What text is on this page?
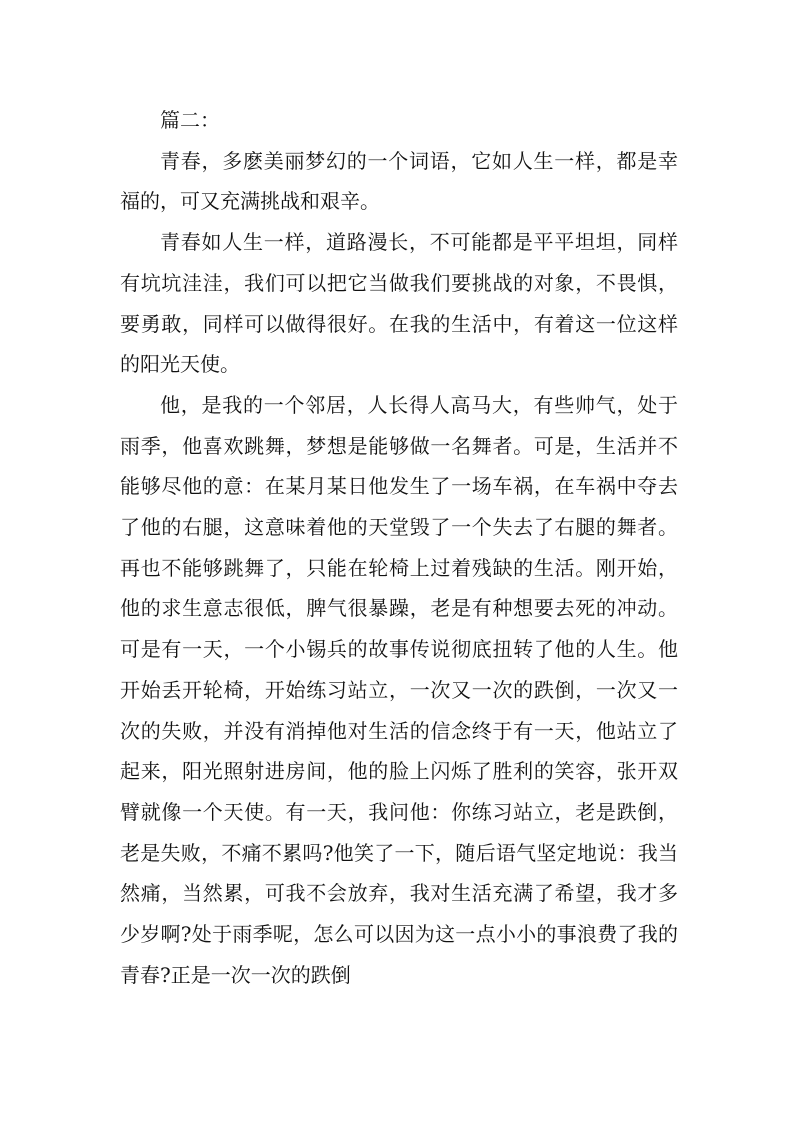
篇二：

青春，多麽美丽梦幻的一个词语，它如人生一样，都是幸福的，可又充满挑战和艰辛。

青春如人生一样，道路漫长，不可能都是平平坦坦，同样有坑坑洼洼，我们可以把它当做我们要挑战的对象，不畏惧，要勇敢，同样可以做得很好。在我的生活中，有着这一位这样的阳光天使。

他，是我的一个邻居，人长得人高马大，有些帅气，处于雨季，他喜欢跳舞，梦想是能够做一名舞者。可是，生活并不能够尽他的意：在某月某日他发生了一场车祸，在车祸中夺去了他的右腿，这意味着他的天堂毁了一个失去了右腿的舞者。再也不能够跳舞了，只能在轮椅上过着残缺的生活。刚开始，他的求生意志很低，脾气很暴躁，老是有种想要去死的冲动。可是有一天，一个小锡兵的故事传说彻底扭转了他的人生。他开始丢开轮椅，开始练习站立，一次又一次的跌倒，一次又一次的失败，并没有消掉他对生活的信念终于有一天，他站立了起来，阳光照射进房间，他的脸上闪烁了胜利的笑容，张开双臂就像一个天使。有一天，我问他：你练习站立，老是跌倒，老是失败，不痛不累吗?他笑了一下，随后语气坚定地说：我当然痛，当然累，可我不会放弃，我对生活充满了希望，我才多少岁啊?处于雨季呢，怎么可以因为这一点小小的事浪费了我的青春?正是一次一次的跌倒
